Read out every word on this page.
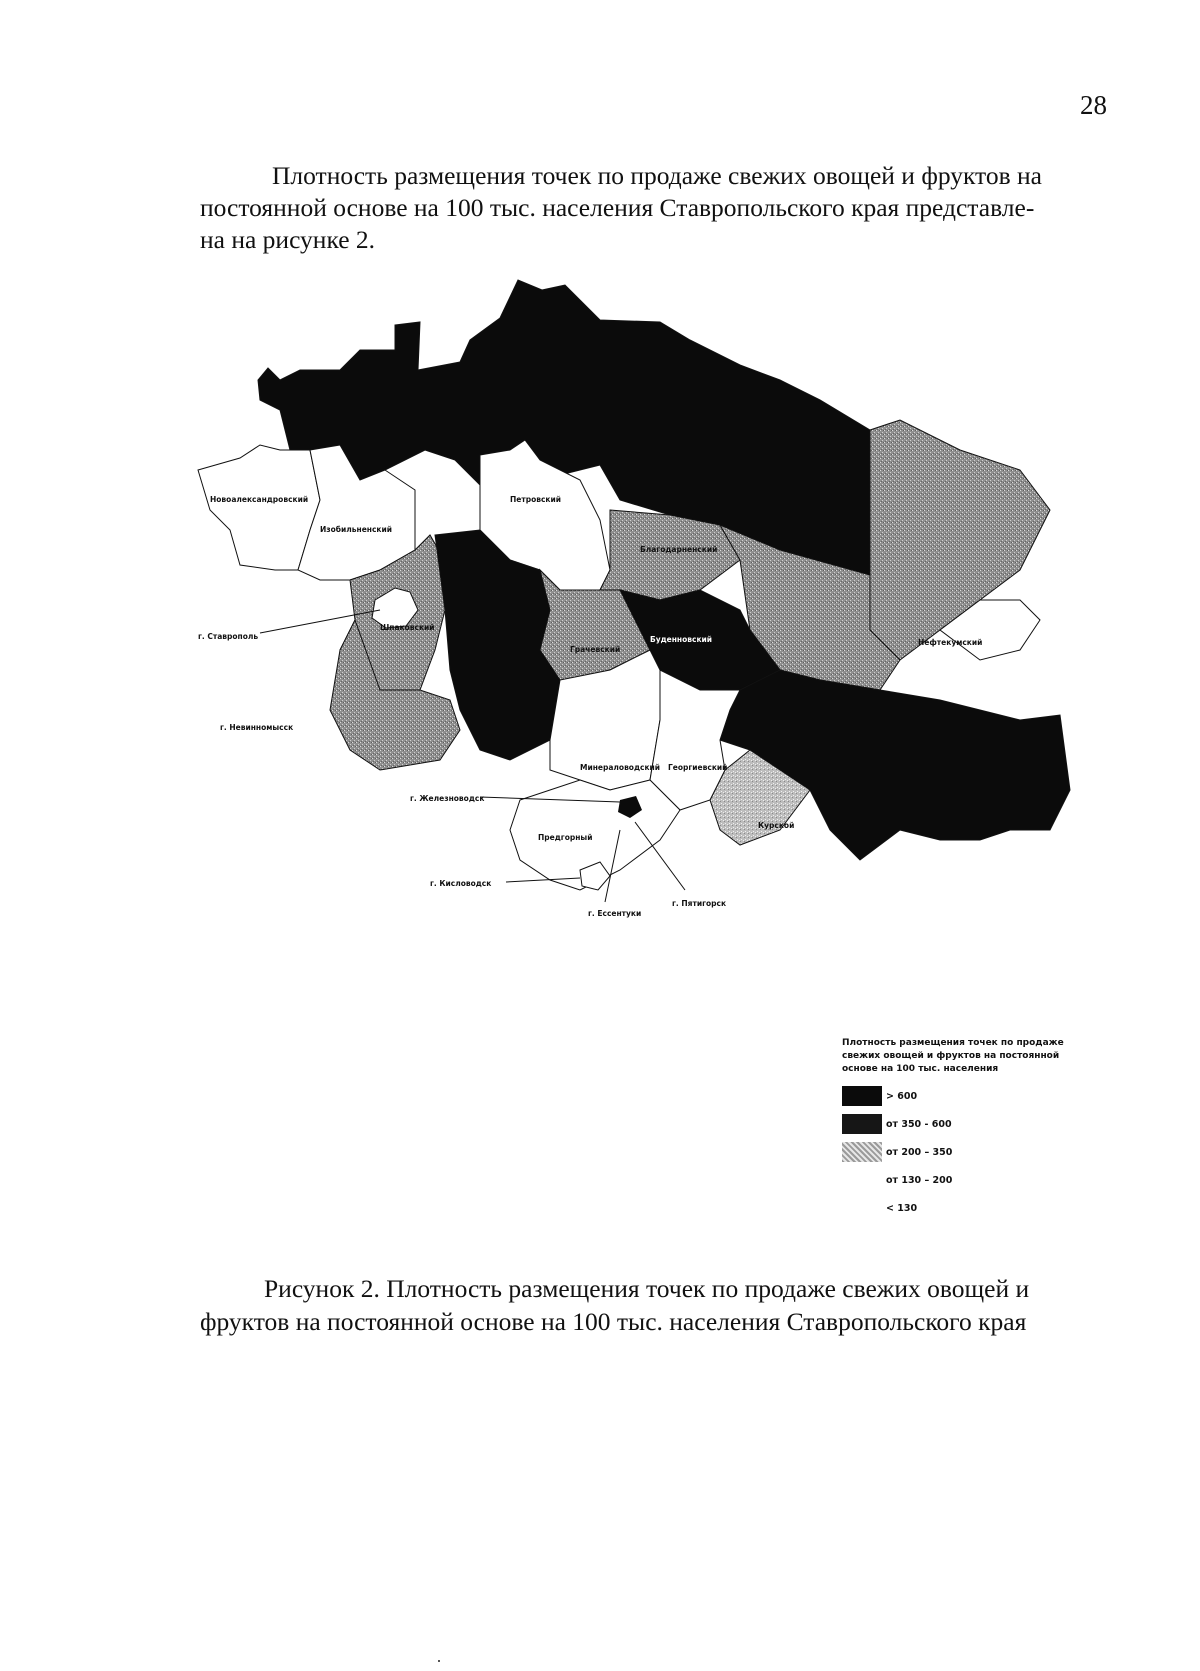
28
Плотность размещения точек по продаже свежих овощей и фруктов на
постоянной основе на 100 тыс. населения Ставропольского края представле-
на на рисунке 2.
Новоалександровский
Изобильненский
Петровский
Благодарненский
Шпаковский
Грачевский
Буденновский	Нефтекумский
Минераловодский Георгиевский
Курской
Предгорный
г. Ставрополь
г. Невинномысск
г. Железноводск
г. Кисловодск
г. Ессентуки
г. Пятигорск
Плотность размещения точек по продаже
свежих овощей и фруктов на постоянной
основе на 100 тыс. населения
> 600
от 350 - 600
от 200 – 350
от 130 – 200
< 130
Рисунок 2. Плотность размещения точек по продаже свежих овощей и
фруктов на постоянной основе на 100 тыс. населения Ставропольского края
